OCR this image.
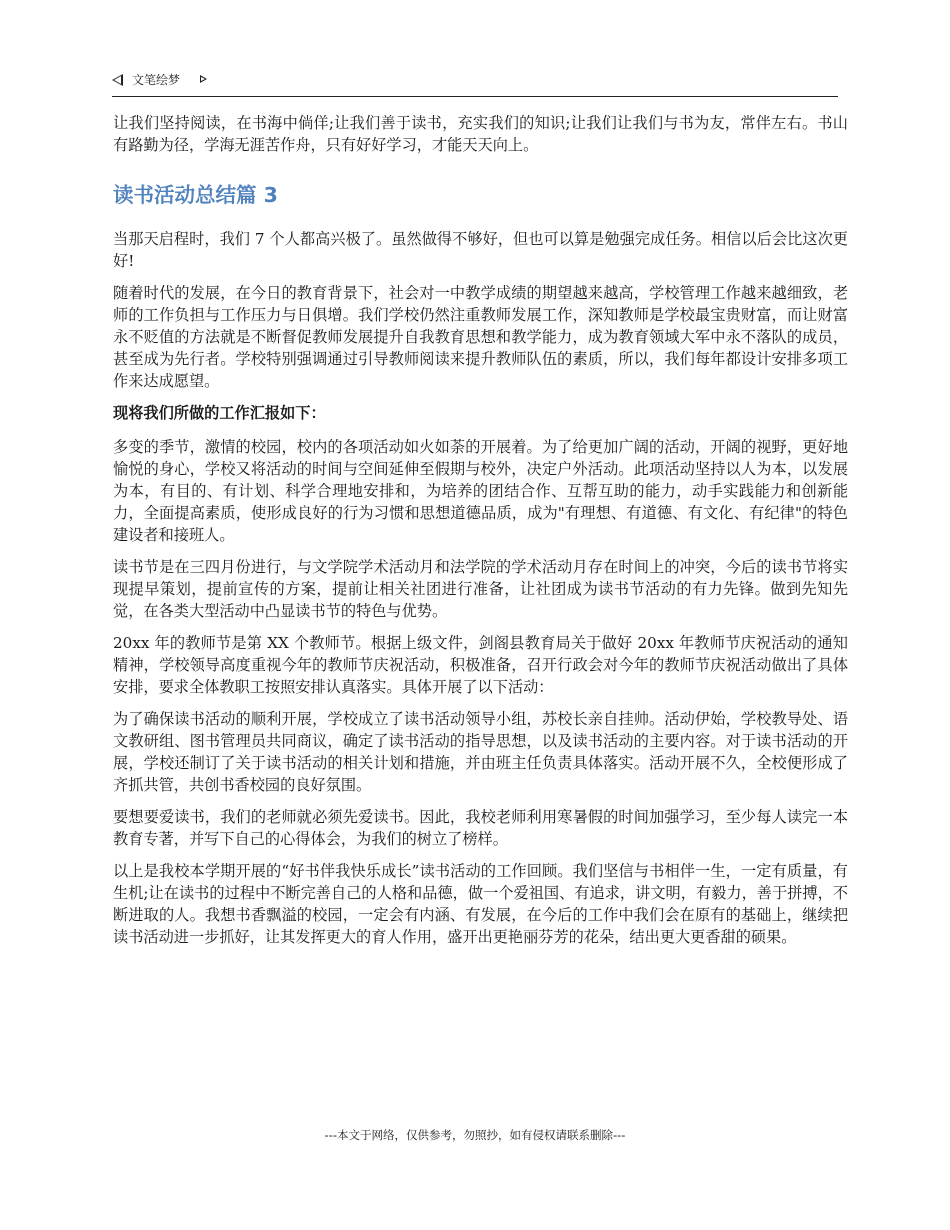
文笔绘梦

让我们坚持阅读，在书海中倘佯;让我们善于读书，充实我们的知识;让我们让我们与书为友，常伴左右。书山有路勤为径，学海无涯苦作舟，只有好好学习，才能天天向上。

读书活动总结篇 3

当那天启程时，我们 7 个人都高兴极了。虽然做得不够好，但也可以算是勉强完成任务。相信以后会比这次更好!

随着时代的发展，在今日的教育背景下，社会对一中教学成绩的期望越来越高，学校管理工作越来越细致，老师的工作负担与工作压力与日俱增。我们学校仍然注重教师发展工作，深知教师是学校最宝贵财富，而让财富永不贬值的方法就是不断督促教师发展提升自我教育思想和教学能力，成为教育领域大军中永不落队的成员，甚至成为先行者。学校特别强调通过引导教师阅读来提升教师队伍的素质，所以，我们每年都设计安排多项工作来达成愿望。

现将我们所做的工作汇报如下：

多变的季节，激情的校园，校内的各项活动如火如荼的开展着。为了给更加广阔的活动，开阔的视野，更好地愉悦的身心，学校又将活动的时间与空间延伸至假期与校外，决定户外活动。此项活动坚持以人为本，以发展为本，有目的、有计划、科学合理地安排和，为培养的团结合作、互帮互助的能力，动手实践能力和创新能力，全面提高素质，使形成良好的行为习惯和思想道德品质，成为"有理想、有道德、有文化、有纪律"的特色建设者和接班人。

读书节是在三四月份进行，与文学院学术活动月和法学院的学术活动月存在时间上的冲突，今后的读书节将实现提早策划，提前宣传的方案，提前让相关社团进行准备，让社团成为读书节活动的有力先锋。做到先知先觉，在各类大型活动中凸显读书节的特色与优势。

20xx 年的教师节是第 XX 个教师节。根据上级文件，剑阁县教育局关于做好 20xx 年教师节庆祝活动的通知精神，学校领导高度重视今年的教师节庆祝活动，积极准备，召开行政会对今年的教师节庆祝活动做出了具体安排，要求全体教职工按照安排认真落实。具体开展了以下活动：

为了确保读书活动的顺利开展，学校成立了读书活动领导小组，苏校长亲自挂帅。活动伊始，学校教导处、语文教研组、图书管理员共同商议，确定了读书活动的指导思想，以及读书活动的主要内容。对于读书活动的开展，学校还制订了关于读书活动的相关计划和措施，并由班主任负责具体落实。活动开展不久，全校便形成了齐抓共管，共创书香校园的良好氛围。

要想要爱读书，我们的老师就必须先爱读书。因此，我校老师利用寒暑假的时间加强学习，至少每人读完一本教育专著，并写下自己的心得体会，为我们的树立了榜样。

以上是我校本学期开展的“好书伴我快乐成长”读书活动的工作回顾。我们坚信与书相伴一生，一定有质量，有生机;让在读书的过程中不断完善自己的人格和品德，做一个爱祖国、有追求，讲文明，有毅力，善于拼搏，不断进取的人。我想书香飘溢的校园，一定会有内涵、有发展，在今后的工作中我们会在原有的基础上，继续把读书活动进一步抓好，让其发挥更大的育人作用，盛开出更艳丽芬芳的花朵，结出更大更香甜的硕果。

---本文于网络，仅供参考，勿照抄，如有侵权请联系删除---
